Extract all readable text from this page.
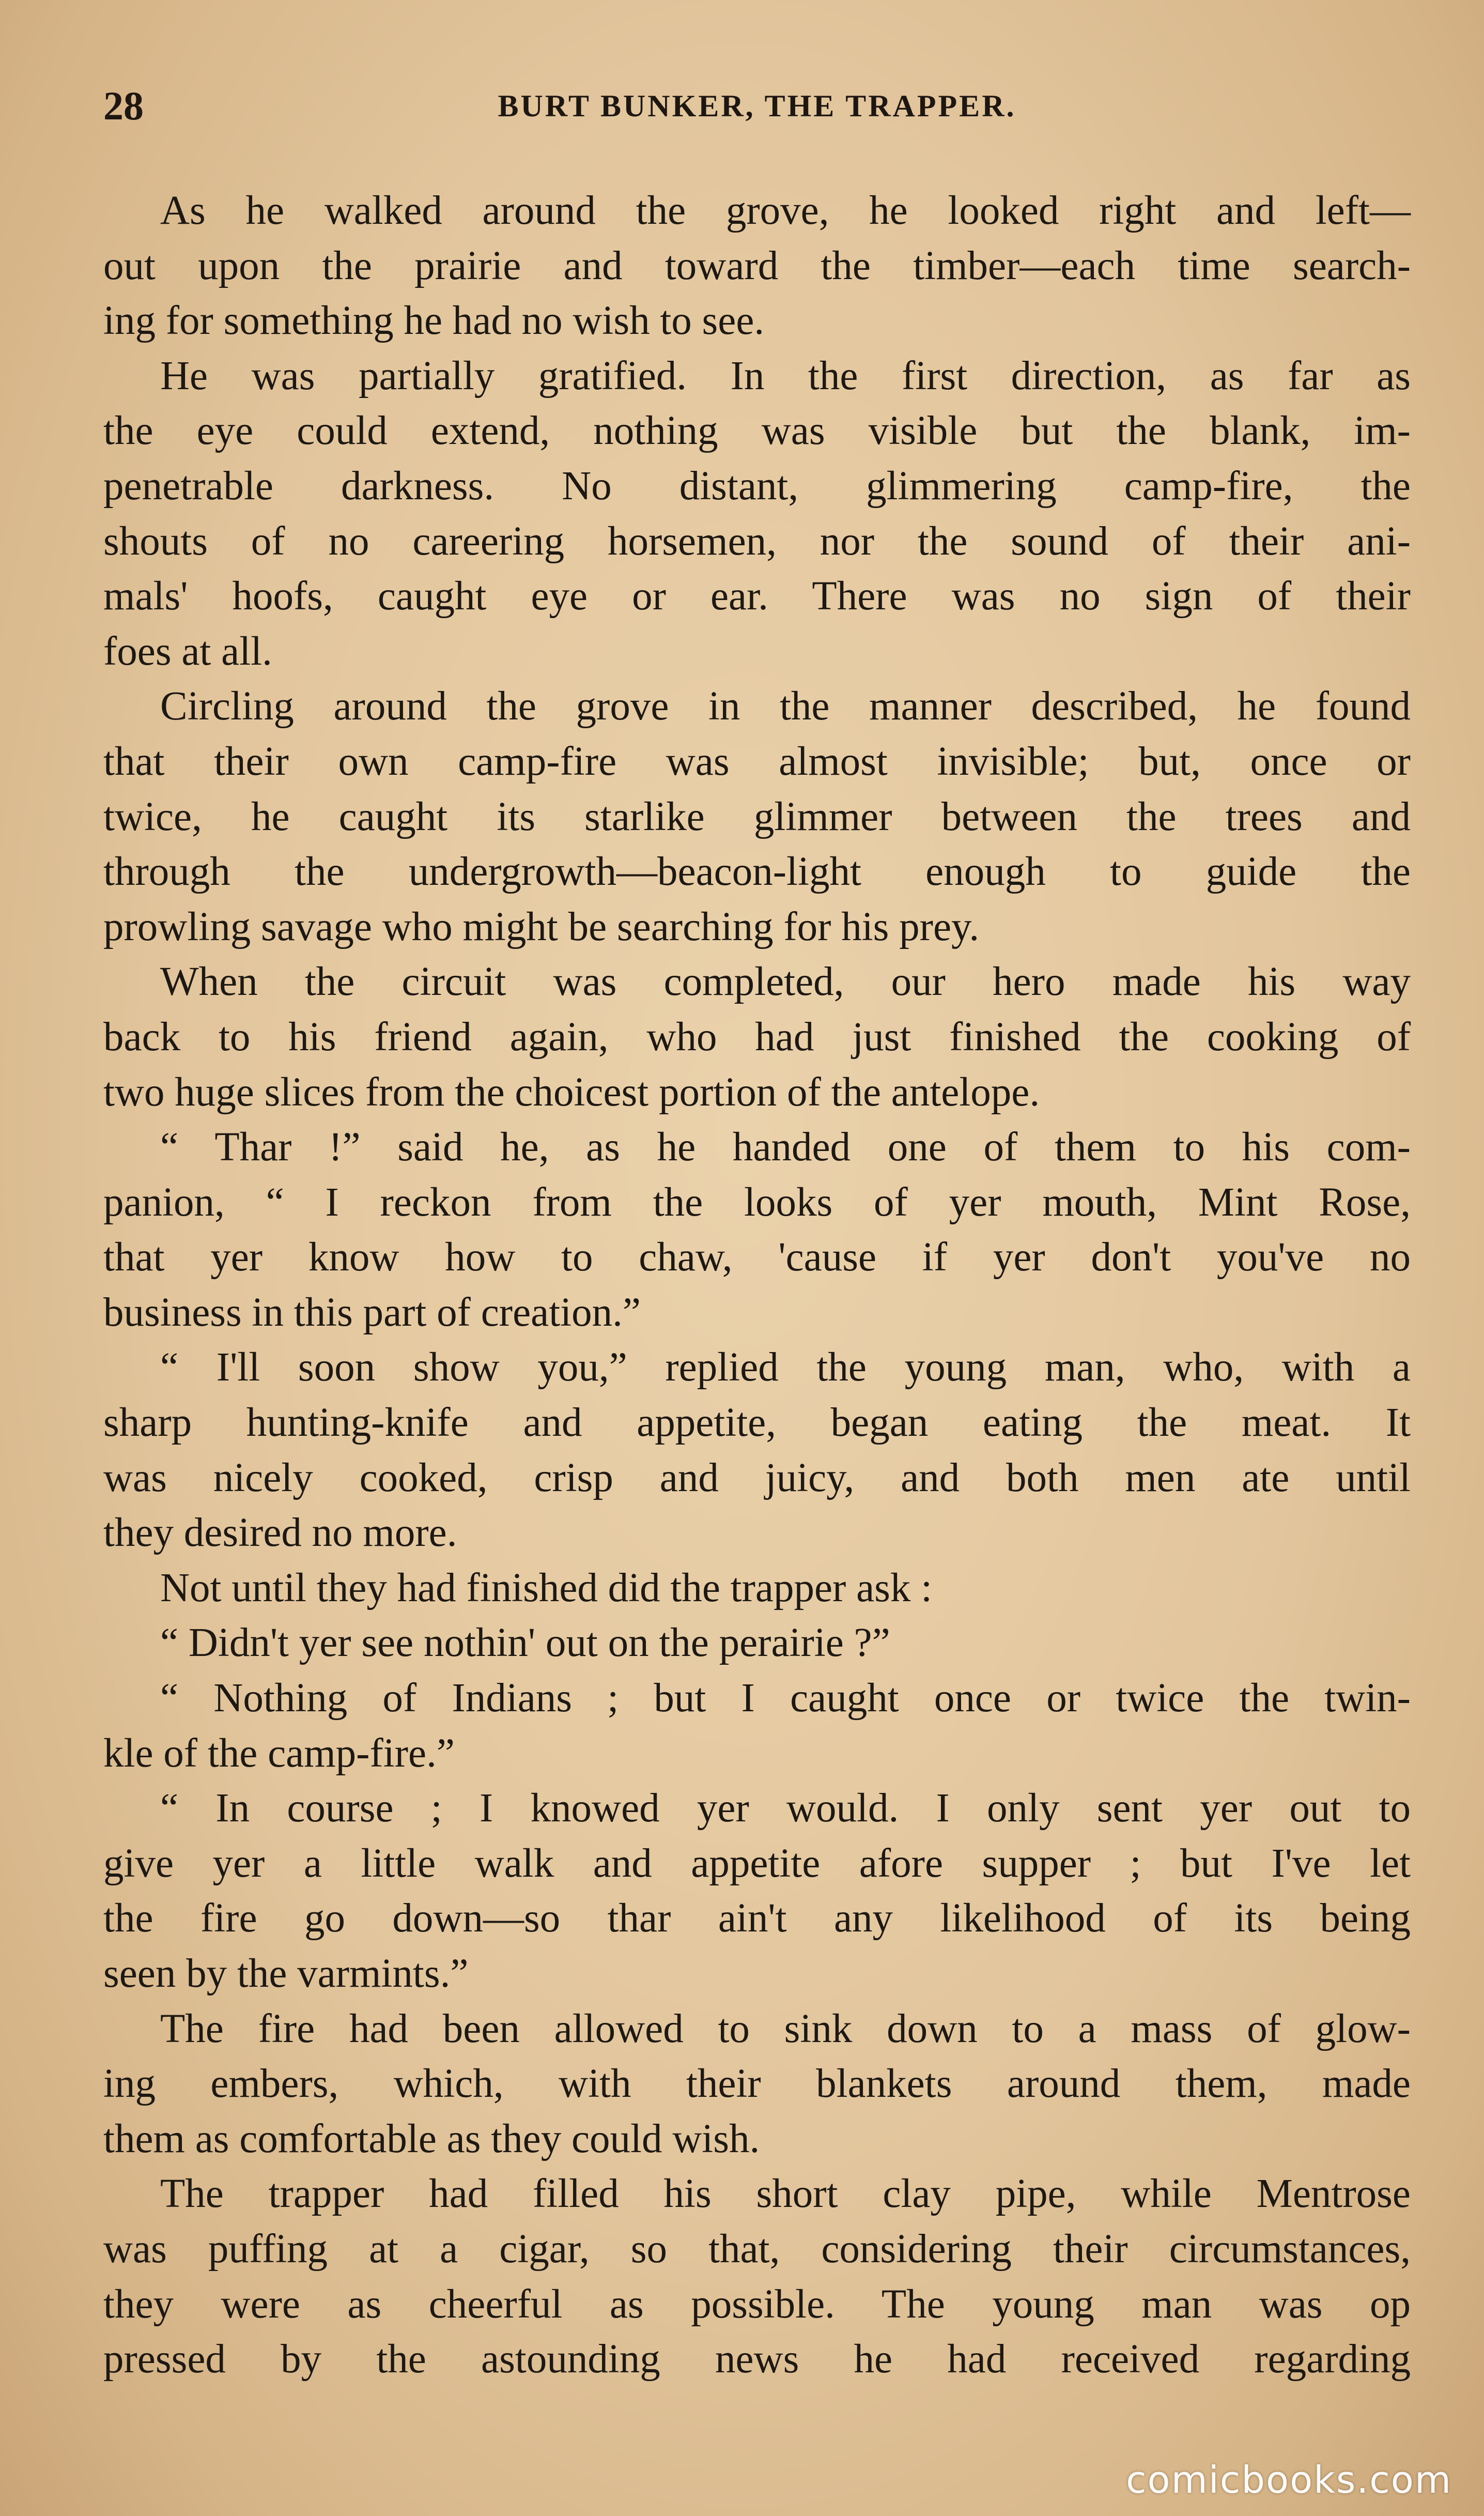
28	BURT BUNKER, THE TRAPPER.
As he walked around the grove, he looked right and left—
out upon the prairie and toward the timber—each time search-
ing for something he had no wish to see.
He was partially gratified. In the first direction, as far as
the eye could extend, nothing was visible but the blank, im-
penetrable darkness. No distant, glimmering camp-fire, the
shouts of no careering horsemen, nor the sound of their ani-
mals' hoofs, caught eye or ear. There was no sign of their
foes at all.
Circling around the grove in the manner described, he found
that their own camp-fire was almost invisible; but, once or
twice, he caught its starlike glimmer between the trees and
through the undergrowth—beacon-light enough to guide the
prowling savage who might be searching for his prey.
When the circuit was completed, our hero made his way
back to his friend again, who had just finished the cooking of
two huge slices from the choicest portion of the antelope.
“ Thar !” said he, as he handed one of them to his com-
panion, “ I reckon from the looks of yer mouth, Mint Rose,
that yer know how to chaw, 'cause if yer don't you've no
business in this part of creation.”
“ I'll soon show you,” replied the young man, who, with a
sharp hunting-knife and appetite, began eating the meat. It
was nicely cooked, crisp and juicy, and both men ate until
they desired no more.
Not until they had finished did the trapper ask :
“ Didn't yer see nothin' out on the perairie ?”
“ Nothing of Indians ; but I caught once or twice the twin-
kle of the camp-fire.”
“ In course ; I knowed yer would. I only sent yer out to
give yer a little walk and appetite afore supper ; but I've let
the fire go down—so thar ain't any likelihood of its being
seen by the varmints.”
The fire had been allowed to sink down to a mass of glow-
ing embers, which, with their blankets around them, made
them as comfortable as they could wish.
The trapper had filled his short clay pipe, while Mentrose
was puffing at a cigar, so that, considering their circumstances,
they were as cheerful as possible. The young man was op
pressed by the astounding news he had received regarding
comicbooks.com
